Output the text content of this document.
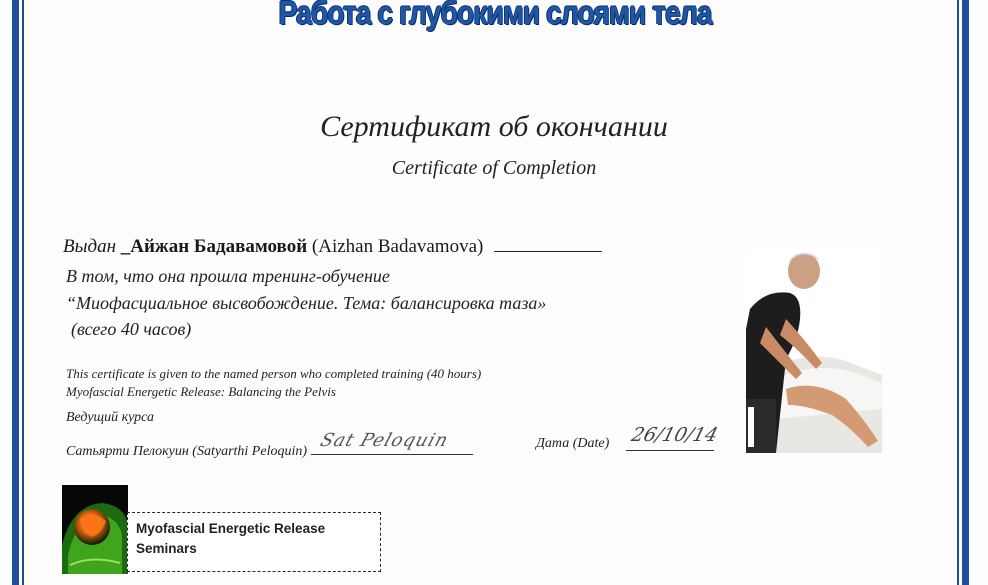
Работа с глубокими слоями тела
Сертификат об окончании
Certificate of Completion
Выдан _Айжан Бадавамовой (Aizhan Badavamova)
В том, что она прошла тренинг-обучение
“Миофасциальное высвобождение. Тема: балансировка таза»
(всего 40 часов)
This certificate is given to the named person who completed training (40 hours)
Myofascial Energetic Release: Balancing the Pelvis
Ведущий курса
Сатьярти Пелокуин (Satyarthi Peloquin)
Sat Peloquin	Дата (Date) 26/10/14
Myofascial Energetic Release
Seminars
